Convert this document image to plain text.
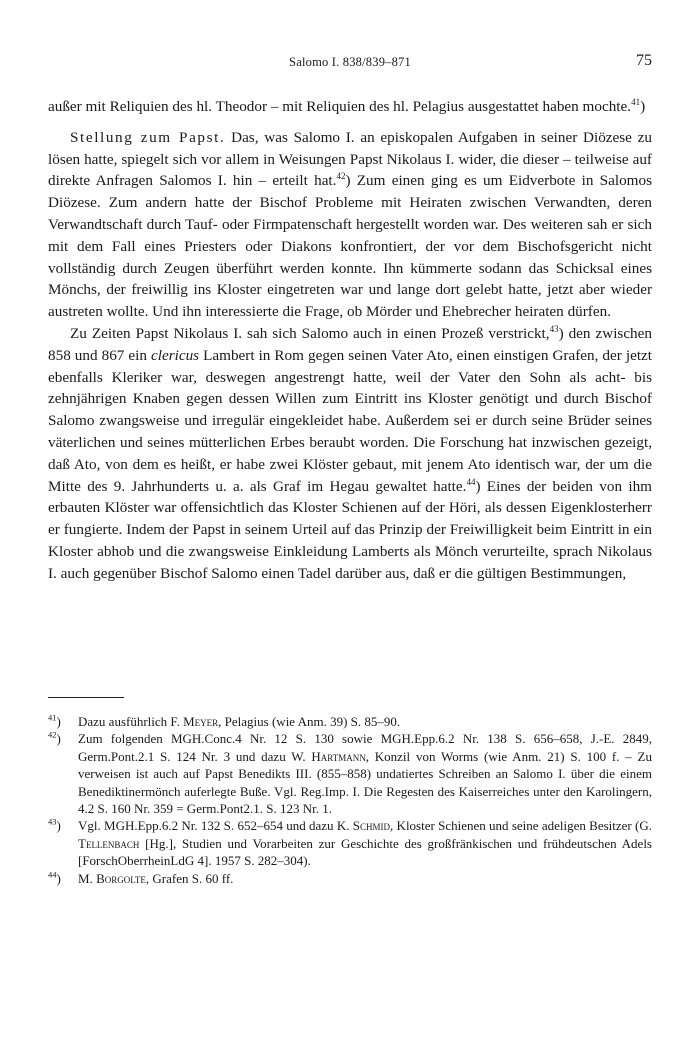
Salomo I. 838/839–871	75

außer mit Reliquien des hl. Theodor – mit Reliquien des hl. Pelagius ausgestattet haben mochte.$^{41}$)

Stellung zum Papst. Das, was Salomo I. an episkopalen Aufgaben in seiner Diözese zu lösen hatte, spiegelt sich vor allem in Weisungen Papst Nikolaus I. wider, die dieser – teilweise auf direkte Anfragen Salomos I. hin – erteilt hat.$^{42}$) Zum einen ging es um Eidverbote in Salomos Diözese. Zum andern hatte der Bischof Probleme mit Heiraten zwischen Verwandten, deren Verwandtschaft durch Tauf- oder Firmpatenschaft hergestellt worden war. Des weiteren sah er sich mit dem Fall eines Priesters oder Diakons konfrontiert, der vor dem Bischofsgericht nicht vollständig durch Zeugen überführt werden konnte. Ihn kümmerte sodann das Schicksal eines Mönchs, der freiwillig ins Kloster eingetreten war und lange dort gelebt hatte, jetzt aber wieder austreten wollte. Und ihn interessierte die Frage, ob Mörder und Ehebrecher heiraten dürfen.

Zu Zeiten Papst Nikolaus I. sah sich Salomo auch in einen Prozeß verstrickt,$^{43}$) den zwischen 858 und 867 ein clericus Lambert in Rom gegen seinen Vater Ato, einen einstigen Grafen, der jetzt ebenfalls Kleriker war, deswegen angestrengt hatte, weil der Vater den Sohn als acht- bis zehnjährigen Knaben gegen dessen Willen zum Eintritt ins Kloster genötigt und durch Bischof Salomo zwangsweise und irregulär eingekleidet habe. Außerdem sei er durch seine Brüder seines väterlichen und seines mütterlichen Erbes beraubt worden. Die Forschung hat inzwischen gezeigt, daß Ato, von dem es heißt, er habe zwei Klöster gebaut, mit jenem Ato identisch war, der um die Mitte des 9. Jahrhunderts u. a. als Graf im Hegau gewaltet hatte.$^{44}$) Eines der beiden von ihm erbauten Klöster war offensichtlich das Kloster Schienen auf der Höri, als dessen Eigenklosterherr er fungierte. Indem der Papst in seinem Urteil auf das Prinzip der Freiwilligkeit beim Eintritt in ein Kloster abhob und die zwangsweise Einkleidung Lamberts als Mönch verurteilte, sprach Nikolaus I. auch gegenüber Bischof Salomo einen Tadel darüber aus, daß er die gültigen Bestimmungen,

$^{41}$) Dazu ausführlich F. Meyer, Pelagius (wie Anm. 39) S. 85–90.

$^{42}$) Zum folgenden MGH.Conc.4 Nr. 12 S. 130 sowie MGH.Epp.6.2 Nr. 138 S. 656–658, J.-E. 2849, Germ.Pont.2.1 S. 124 Nr. 3 und dazu W. Hartmann, Konzil von Worms (wie Anm. 21) S. 100 f. – Zu verweisen ist auch auf Papst Benedikts III. (855–858) undatiertes Schreiben an Salomo I. über die einem Benediktinermönch auferlegte Buße. Vgl. Reg.Imp. I. Die Regesten des Kaiserreiches unter den Karolingern, 4.2 S. 160 Nr. 359 = Germ.Pont2.1. S. 123 Nr. 1.

$^{43}$) Vgl. MGH.Epp.6.2 Nr. 132 S. 652–654 und dazu K. Schmid, Kloster Schienen und seine adeligen Besitzer (G. Tellenbach [Hg.], Studien und Vorarbeiten zur Geschichte des großfränkischen und frühdeutschen Adels [ForschOberrheinLdG 4]. 1957 S. 282–304).

$^{44}$) M. Borgolte, Grafen S. 60 ff.
